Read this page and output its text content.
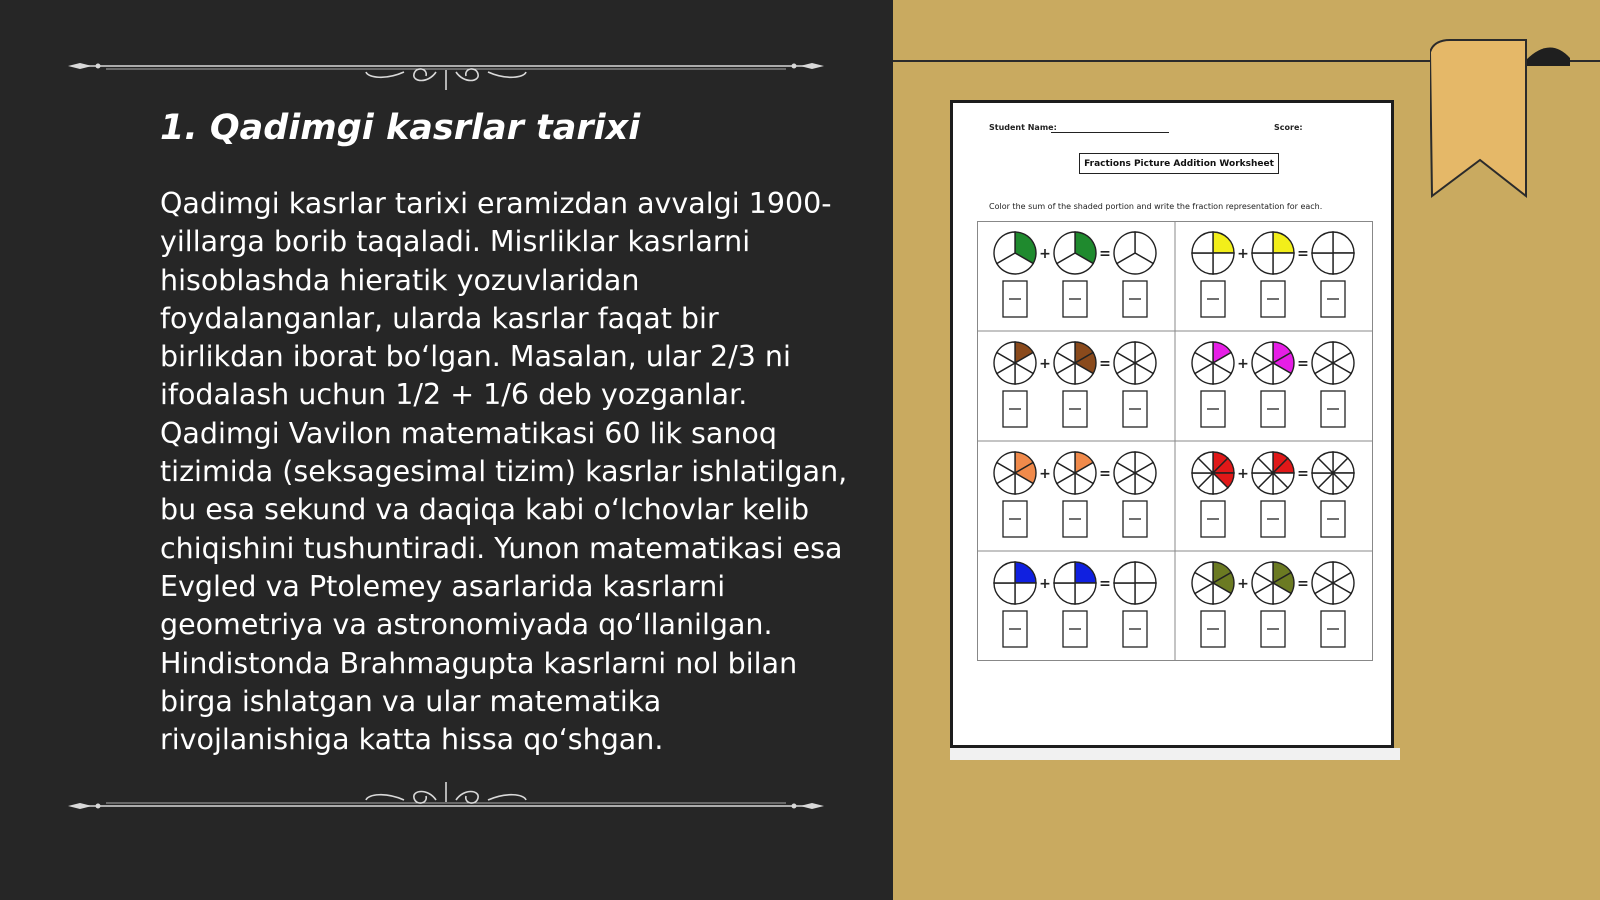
1. Qadimgi kasrlar tarixi

Qadimgi kasrlar tarixi eramizdan avvalgi 1900-yillarga borib taqaladi. Misrliklar kasrlarni hisoblashda hieratik yozuvlaridan foydalanganlar, ularda kasrlar faqat bir birlikdan iborat boʻlgan. Masalan, ular 2/3 ni ifodalash uchun 1/2 + 1/6 deb yozganlar. Qadimgi Vavilon matematikasi 60 lik sanoq tizimida (seksagesimal tizim) kasrlar ishlatilgan, bu esa sekund va daqiqa kabi oʻlchovlar kelib chiqishini tushuntiradi. Yunon matematikasi esa Evgled va Ptolemey asarlarida kasrlarni geometriya va astronomiyada qoʻllanilgan. Hindistonda Brahmagupta kasrlarni nol bilan birga ishlatgan va ular matematika rivojlanishiga katta hissa qoʻshgan.

Student Name:	Score:
Fractions Picture Addition Worksheet
Color the sum of the shaded portion and write the fraction representation for each.
+	=	+	=
+	=	+	=
+	=	+	=
+	=	+	=
